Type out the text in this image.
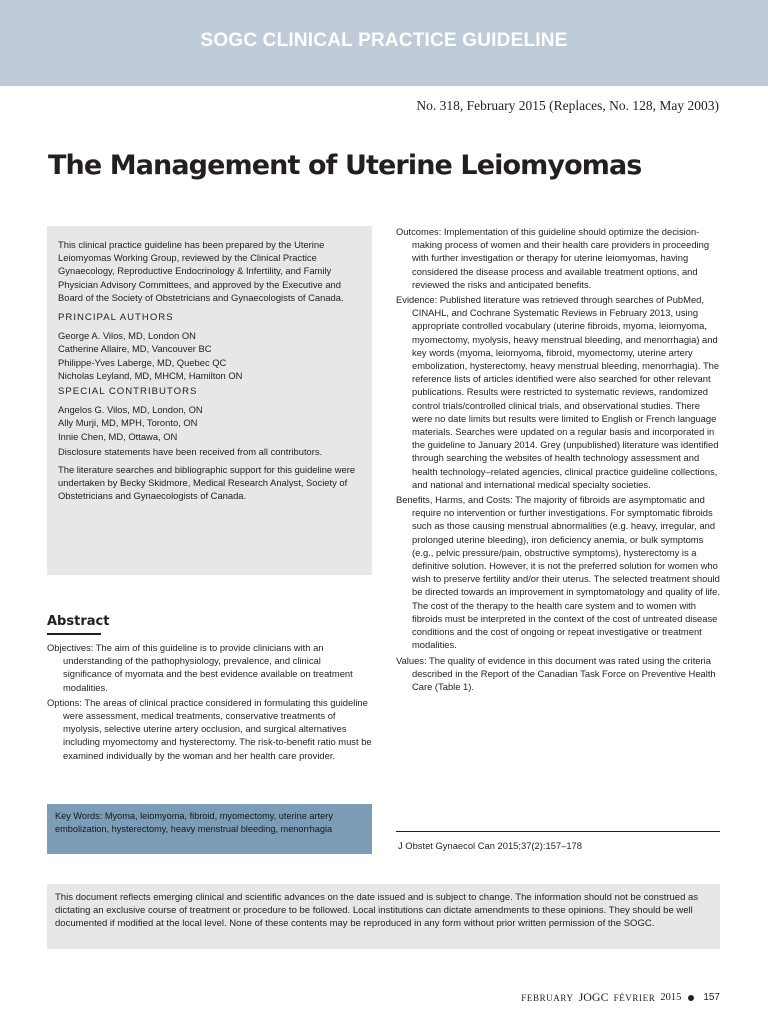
SOGC CLINICAL PRACTICE GUIDELINE
No. 318, February 2015 (Replaces, No. 128, May 2003)
The Management of Uterine Leiomyomas

This clinical practice guideline has been prepared by the Uterine Leiomyomas Working Group, reviewed by the Clinical Practice Gynaecology, Reproductive Endocrinology & Infertility, and Family Physician Advisory Committees, and approved by the Executive and Board of the Society of Obstetricians and Gynaecologists of Canada.

PRINCIPAL AUTHORS

George A. Vilos, MD, London ON

Catherine Allaire, MD, Vancouver BC

Philippe-Yves Laberge, MD, Quebec QC

Nicholas Leyland, MD, MHCM, Hamilton ON

SPECIAL CONTRIBUTORS

Angelos G. Vilos, MD, London, ON

Ally Murji, MD, MPH, Toronto, ON

Innie Chen, MD, Ottawa, ON

Disclosure statements have been received from all contributors.

The literature searches and bibliographic support for this guideline were undertaken by Becky Skidmore, Medical Research Analyst, Society of Obstetricians and Gynaecologists of Canada.

Abstract

Objectives: The aim of this guideline is to provide clinicians with an understanding of the pathophysiology, prevalence, and clinical significance of myomata and the best evidence available on treatment modalities.

Options: The areas of clinical practice considered in formulating this guideline were assessment, medical treatments, conservative treatments of myolysis, selective uterine artery occlusion, and surgical alternatives including myomectomy and hysterectomy. The risk-to-benefit ratio must be examined individually by the woman and her health care provider.

Key Words: Myoma, leiomyoma, fibroid, myomectomy, uterine artery embolization, hysterectomy, heavy menstrual bleeding, menorrhagia

Outcomes: Implementation of this guideline should optimize the decision-making process of women and their health care providers in proceeding with further investigation or therapy for uterine leiomyomas, having considered the disease process and available treatment options, and reviewed the risks and anticipated benefits.

Evidence: Published literature was retrieved through searches of PubMed, CINAHL, and Cochrane Systematic Reviews in February 2013, using appropriate controlled vocabulary (uterine fibroids, myoma, leiomyoma, myomectomy, myolysis, heavy menstrual bleeding, and menorrhagia) and key words (myoma, leiomyoma, fibroid, myomectomy, uterine artery embolization, hysterectomy, heavy menstrual bleeding, menorrhagia). The reference lists of articles identified were also searched for other relevant publications. Results were restricted to systematic reviews, randomized control trials/controlled clinical trials, and observational studies. There were no date limits but results were limited to English or French language materials. Searches were updated on a regular basis and incorporated in the guideline to January 2014. Grey (unpublished) literature was identified through searching the websites of health technology assessment and health technology–related agencies, clinical practice guideline collections, and national and international medical specialty societies.

Benefits, Harms, and Costs: The majority of fibroids are asymptomatic and require no intervention or further investigations. For symptomatic fibroids such as those causing menstrual abnormalities (e.g. heavy, irregular, and prolonged uterine bleeding), iron deficiency anemia, or bulk symptoms (e.g., pelvic pressure/pain, obstructive symptoms), hysterectomy is a definitive solution. However, it is not the preferred solution for women who wish to preserve fertility and/or their uterus. The selected treatment should be directed towards an improvement in symptomatology and quality of life. The cost of the therapy to the health care system and to women with fibroids must be interpreted in the context of the cost of untreated disease conditions and the cost of ongoing or repeat investigative or treatment modalities.

Values: The quality of evidence in this document was rated using the criteria described in the Report of the Canadian Task Force on Preventive Health Care (Table 1).

J Obstet Gynaecol Can 2015;37(2):157–178
This document reflects emerging clinical and scientific advances on the date issued and is subject to change. The information should not be construed as dictating an exclusive course of treatment or procedure to be followed. Local institutions can dictate amendments to these opinions. They should be well documented if modified at the local level. None of these contents may be reproduced in any form without prior written permission of the SOGC.
FEBRUARY JOGC FÉVRIER 2015 157
